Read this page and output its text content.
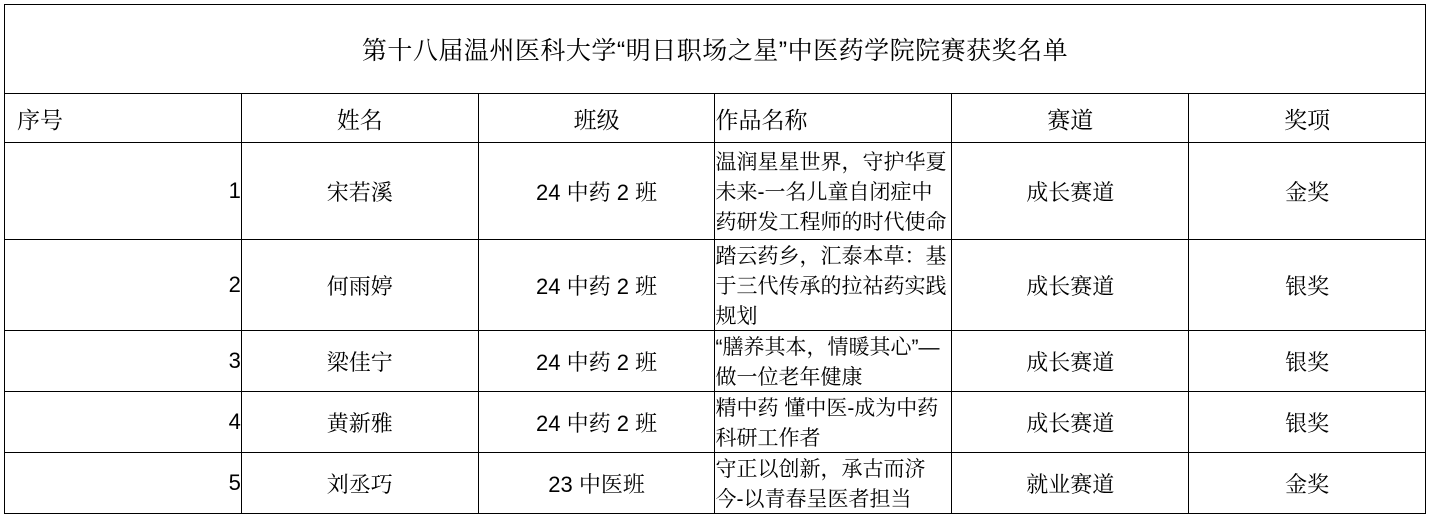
第十八届温州医科大学“明日职场之星”中医药学院院赛获奖名单					
序号	姓名	班级	作品名称	赛道	奖项
1	宋若溪	24 中药 2 班	温润星星世界，守护华夏未来-一名儿童自闭症中药研发工程师的时代使命	成长赛道	金奖
2	何雨婷	24 中药 2 班	踏云药乡，汇泰本草：基于三代传承的拉祜药实践规划	成长赛道	银奖
3	梁佳宁	24 中药 2 班	“膳养其本，情暖其心”—做一位老年健康	成长赛道	银奖
4	黄新雅	24 中药 2 班	精中药 懂中医-成为中药科研工作者	成长赛道	银奖
5	刘丞巧	23 中医班	守正以创新，承古而济今-以青春呈医者担当	就业赛道	金奖
